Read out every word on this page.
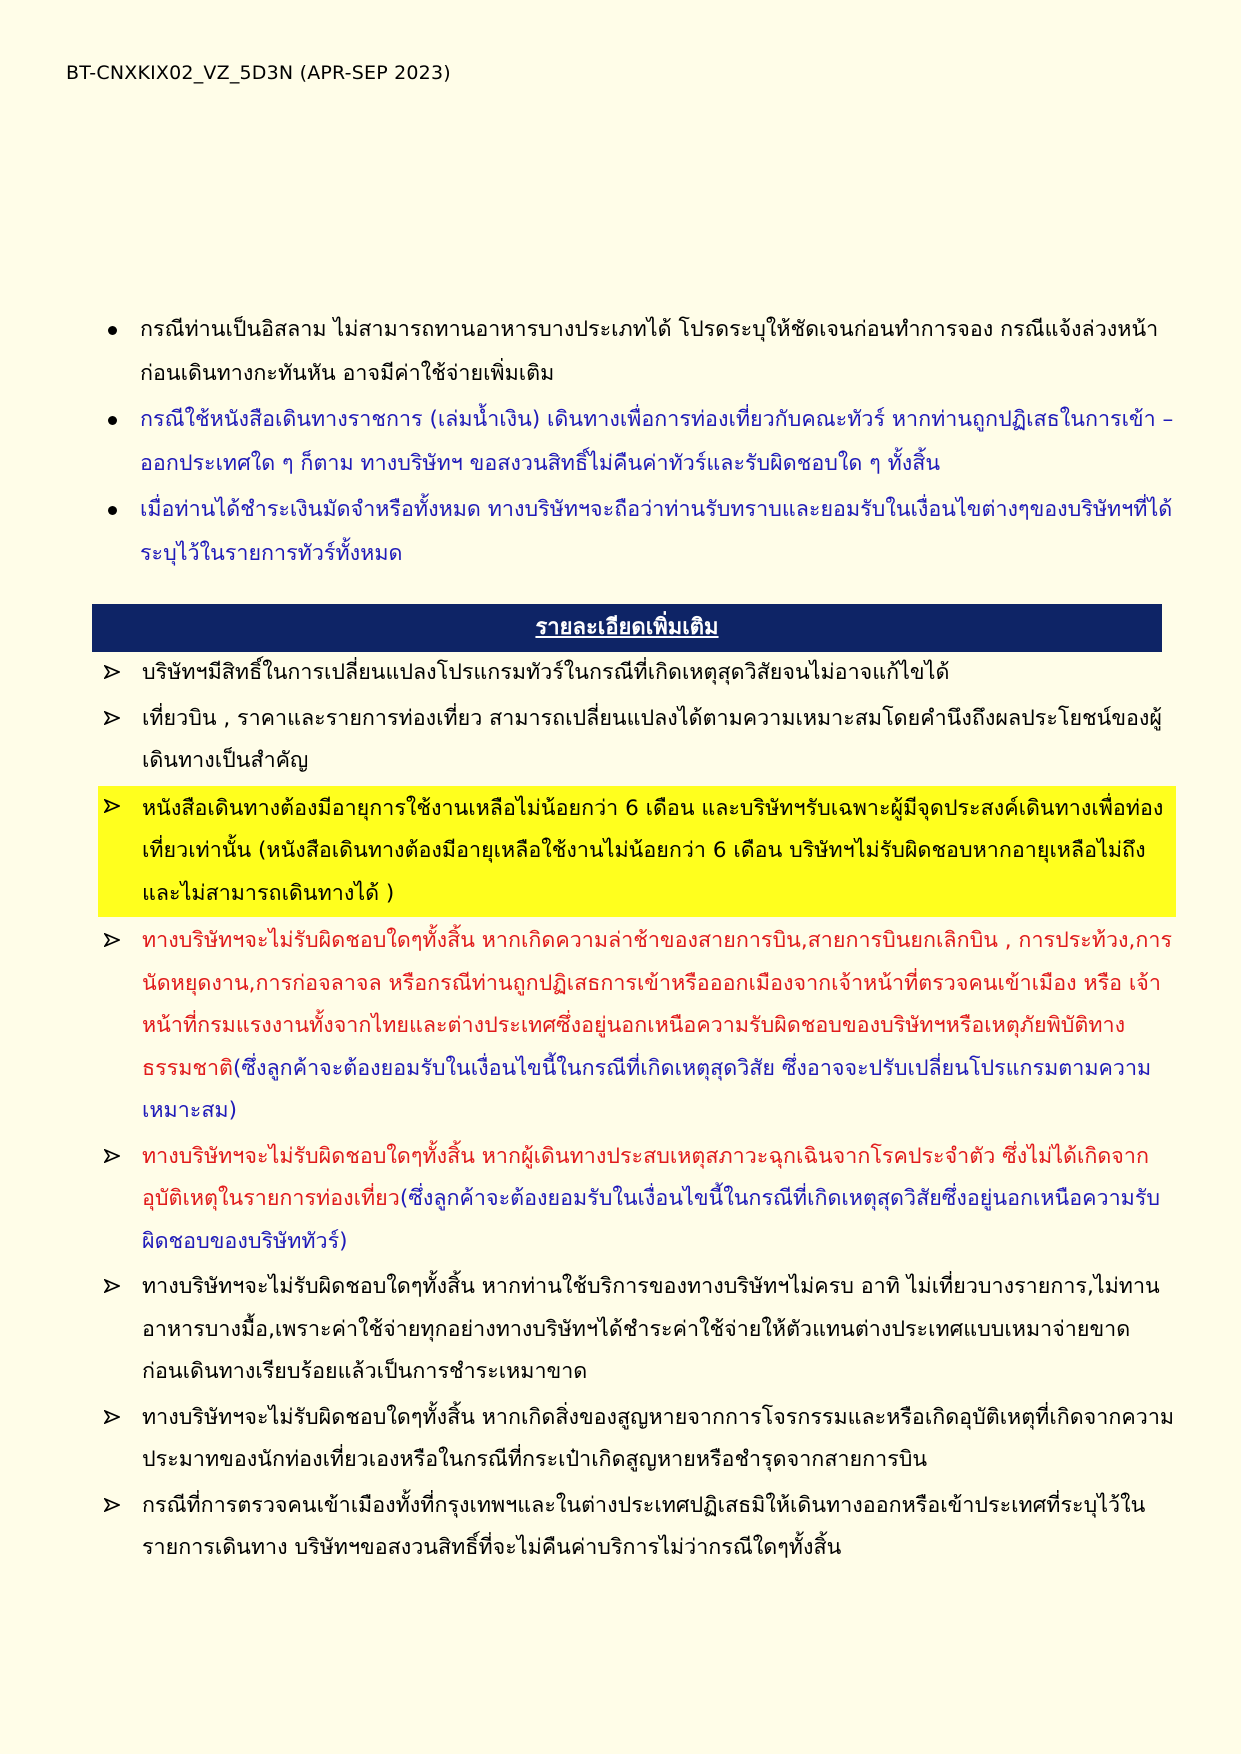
BT-CNXKIX02_VZ_5D3N (APR-SEP 2023)
กรณีท่านเป็นอิสลาม ไม่สามารถทานอาหารบางประเภทได้ โปรดระบุให้ชัดเจนก่อนทำการจอง กรณีแจ้งล่วงหน้าก่อนเดินทางกะทันหัน อาจมีค่าใช้จ่ายเพิ่มเติม
กรณีใช้หนังสือเดินทางราชการ (เล่มน้ำเงิน) เดินทางเพื่อการท่องเที่ยวกับคณะทัวร์ หากท่านถูกปฏิเสธในการเข้า – ออกประเทศใด ๆ ก็ตาม ทางบริษัทฯ ขอสงวนสิทธิ์ไม่คืนค่าทัวร์และรับผิดชอบใด ๆ ทั้งสิ้น
เมื่อท่านได้ชำระเงินมัดจำหรือทั้งหมด ทางบริษัทฯจะถือว่าท่านรับทราบและยอมรับในเงื่อนไขต่างๆของบริษัทฯที่ได้ระบุไว้ในรายการทัวร์ทั้งหมด
รายละเอียดเพิ่มเติม
บริษัทฯมีสิทธิ์ในการเปลี่ยนแปลงโปรแกรมทัวร์ในกรณีที่เกิดเหตุสุดวิสัยจนไม่อาจแก้ไขได้
เที่ยวบิน , ราคาและรายการท่องเที่ยว สามารถเปลี่ยนแปลงได้ตามความเหมาะสมโดยคำนึงถึงผลประโยชน์ของผู้เดินทางเป็นสำคัญ
หนังสือเดินทางต้องมีอายุการใช้งานเหลือไม่น้อยกว่า 6 เดือน และบริษัทฯรับเฉพาะผู้มีจุดประสงค์เดินทางเพื่อท่องเที่ยวเท่านั้น (หนังสือเดินทางต้องมีอายุเหลือใช้งานไม่น้อยกว่า 6 เดือน บริษัทฯไม่รับผิดชอบหากอายุเหลือไม่ถึงและไม่สามารถเดินทางได้ )
ทางบริษัทฯจะไม่รับผิดชอบใดๆทั้งสิ้น หากเกิดความล่าช้าของสายการบิน,สายการบินยกเลิกบิน , การประท้วง,การนัดหยุดงาน,การก่อจลาจล หรือกรณีท่านถูกปฏิเสธการเข้าหรือออกเมืองจากเจ้าหน้าที่ตรวจคนเข้าเมือง หรือ เจ้าหน้าที่กรมแรงงานทั้งจากไทยและต่างประเทศซึ่งอยู่นอกเหนือความรับผิดชอบของบริษัทฯหรือเหตุภัยพิบัติทางธรรมชาติ(ซึ่งลูกค้าจะต้องยอมรับในเงื่อนไขนี้ในกรณีที่เกิดเหตุสุดวิสัย ซึ่งอาจจะปรับเปลี่ยนโปรแกรมตามความเหมาะสม)
ทางบริษัทฯจะไม่รับผิดชอบใดๆทั้งสิ้น หากผู้เดินทางประสบเหตุสภาวะฉุกเฉินจากโรคประจำตัว ซึ่งไม่ได้เกิดจากอุบัติเหตุในรายการท่องเที่ยว(ซึ่งลูกค้าจะต้องยอมรับในเงื่อนไขนี้ในกรณีที่เกิดเหตุสุดวิสัยซึ่งอยู่นอกเหนือความรับผิดชอบของบริษัททัวร์)
ทางบริษัทฯจะไม่รับผิดชอบใดๆทั้งสิ้น หากท่านใช้บริการของทางบริษัทฯไม่ครบ อาทิ ไม่เที่ยวบางรายการ,ไม่ทานอาหารบางมื้อ,เพราะค่าใช้จ่ายทุกอย่างทางบริษัทฯได้ชำระค่าใช้จ่ายให้ตัวแทนต่างประเทศแบบเหมาจ่ายขาด ก่อนเดินทางเรียบร้อยแล้วเป็นการชำระเหมาขาด
ทางบริษัทฯจะไม่รับผิดชอบใดๆทั้งสิ้น หากเกิดสิ่งของสูญหายจากการโจรกรรมและหรือเกิดอุบัติเหตุที่เกิดจากความประมาทของนักท่องเที่ยวเองหรือในกรณีที่กระเป๋าเกิดสูญหายหรือชำรุดจากสายการบิน
กรณีที่การตรวจคนเข้าเมืองทั้งที่กรุงเทพฯและในต่างประเทศปฏิเสธมิให้เดินทางออกหรือเข้าประเทศที่ระบุไว้ในรายการเดินทาง บริษัทฯขอสงวนสิทธิ์ที่จะไม่คืนค่าบริการไม่ว่ากรณีใดๆทั้งสิ้น
